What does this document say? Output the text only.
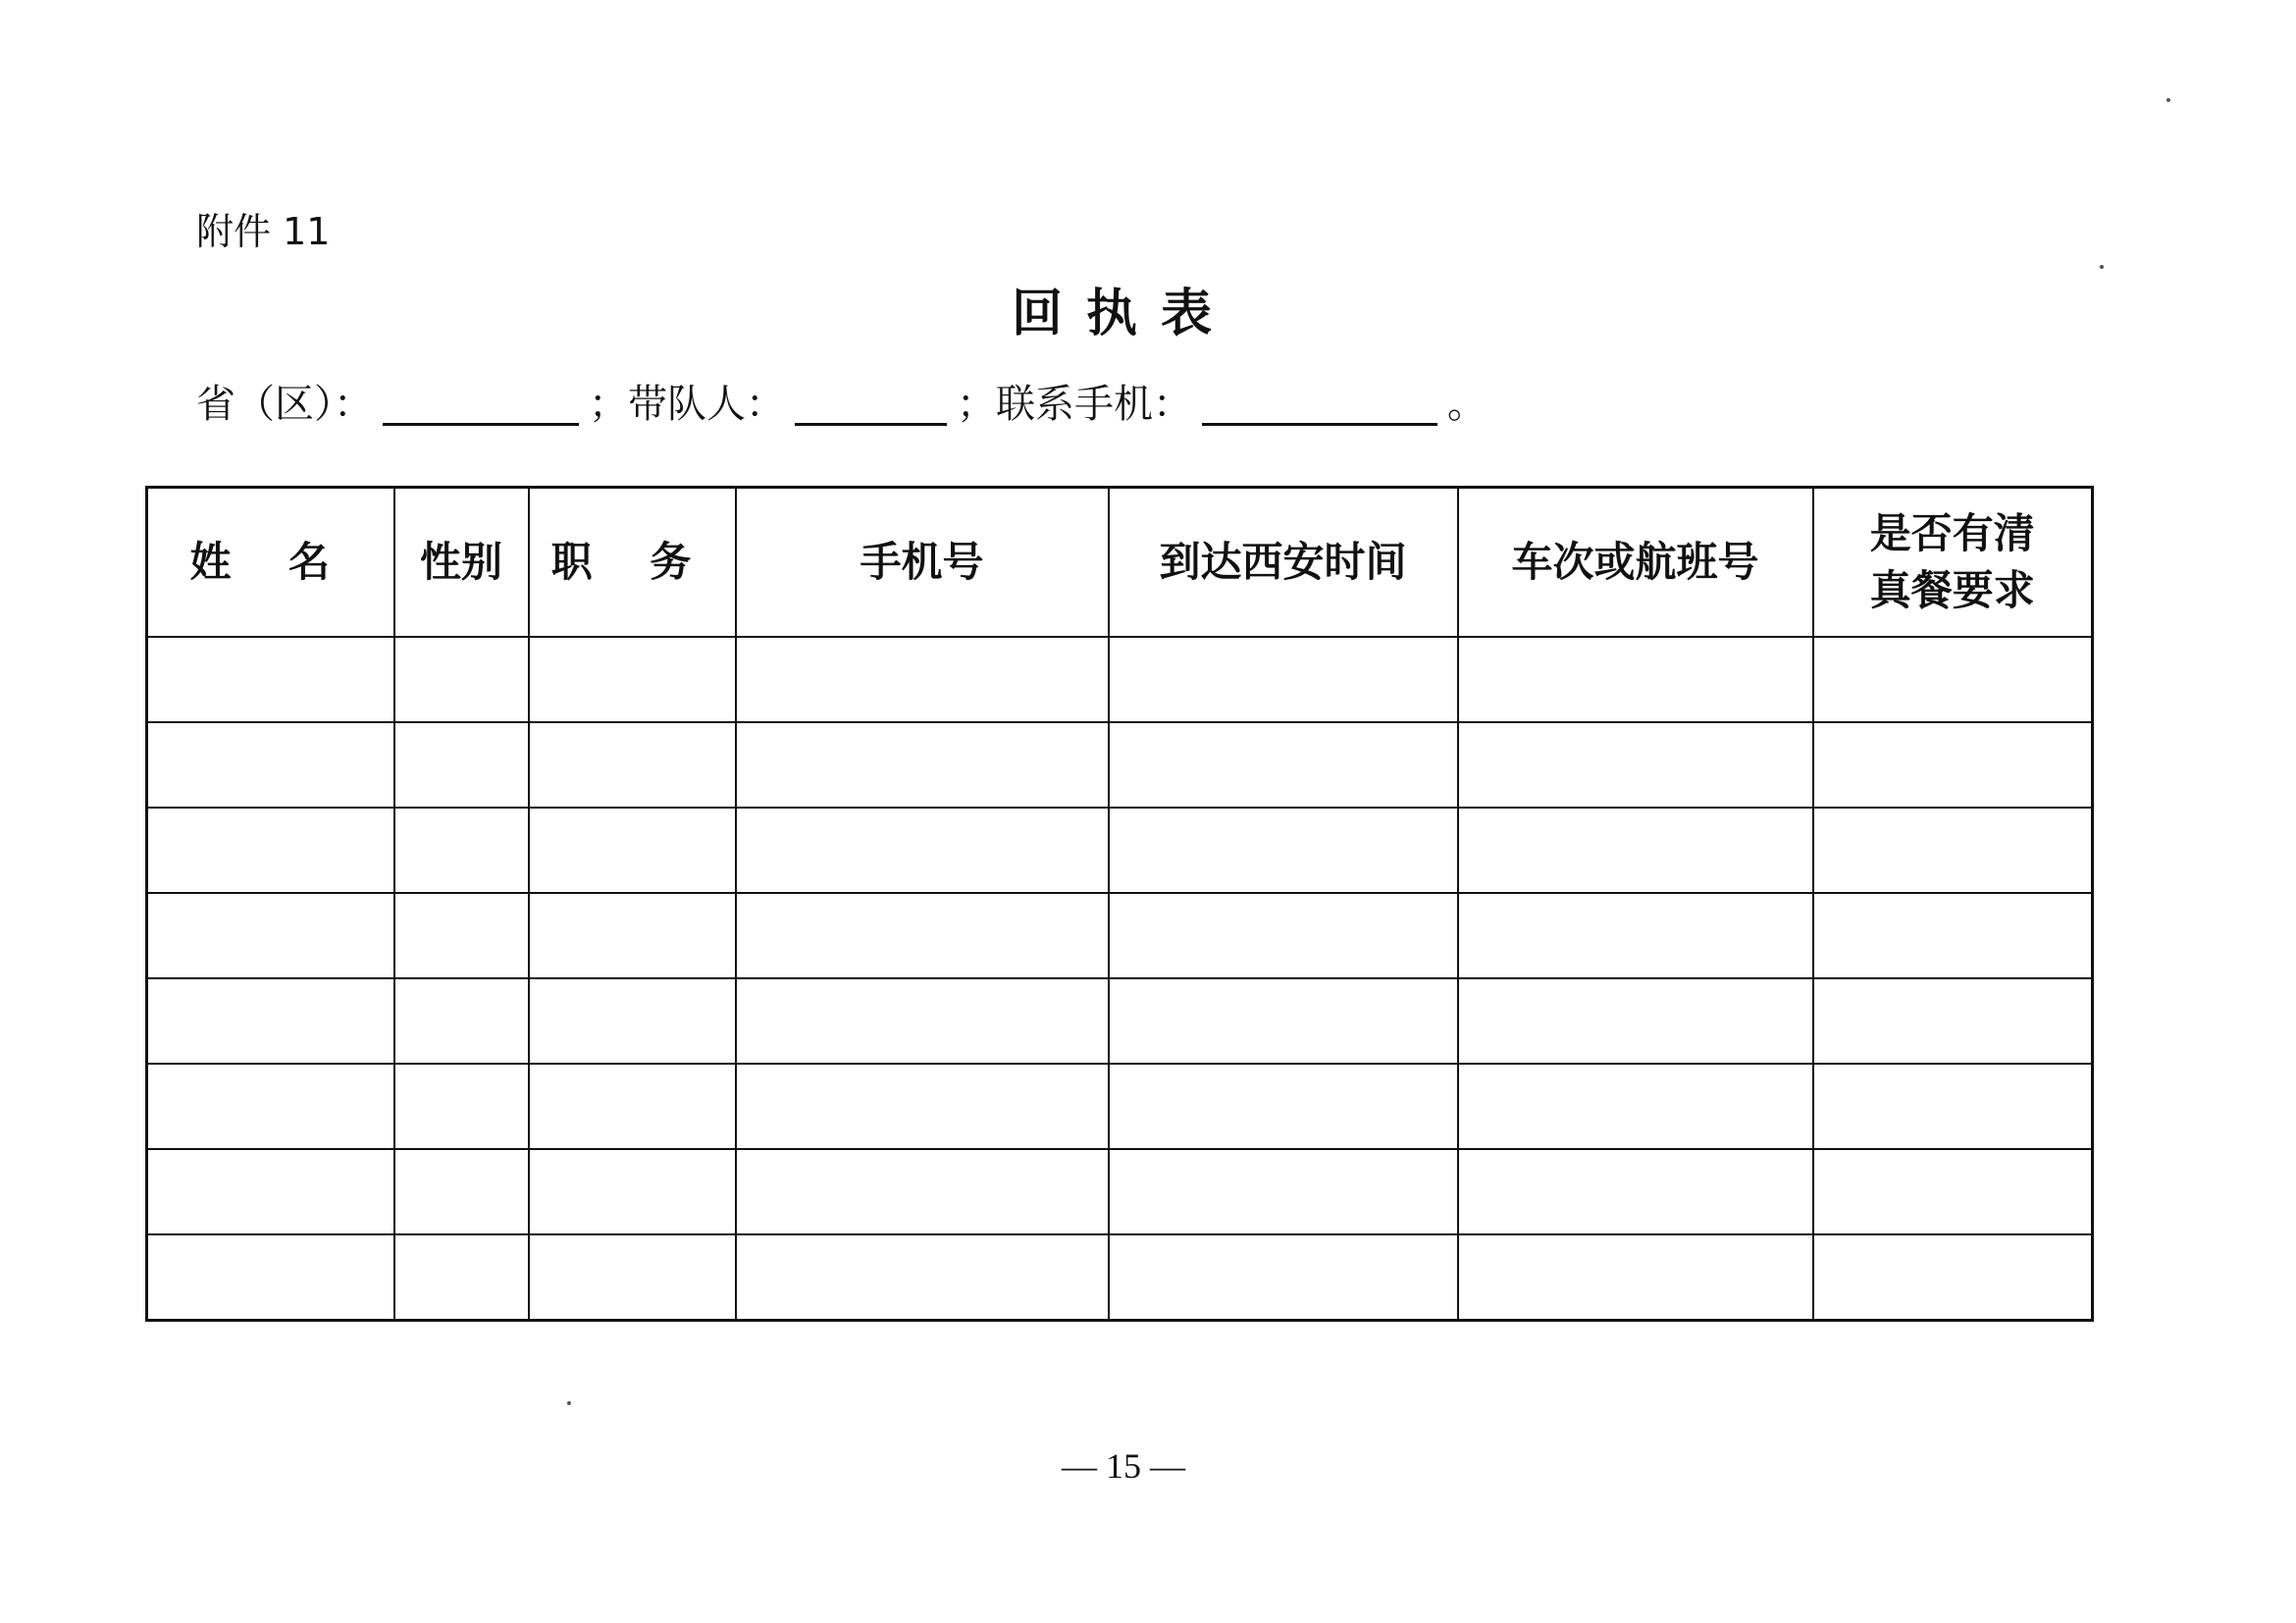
附件 11
回执表
省（区）：	； 带队人：	； 联系手机：	。
姓 名	性别	职 务	手机号	到达西安时间	车次或航班号	是否有清真餐要求

— 15 —
